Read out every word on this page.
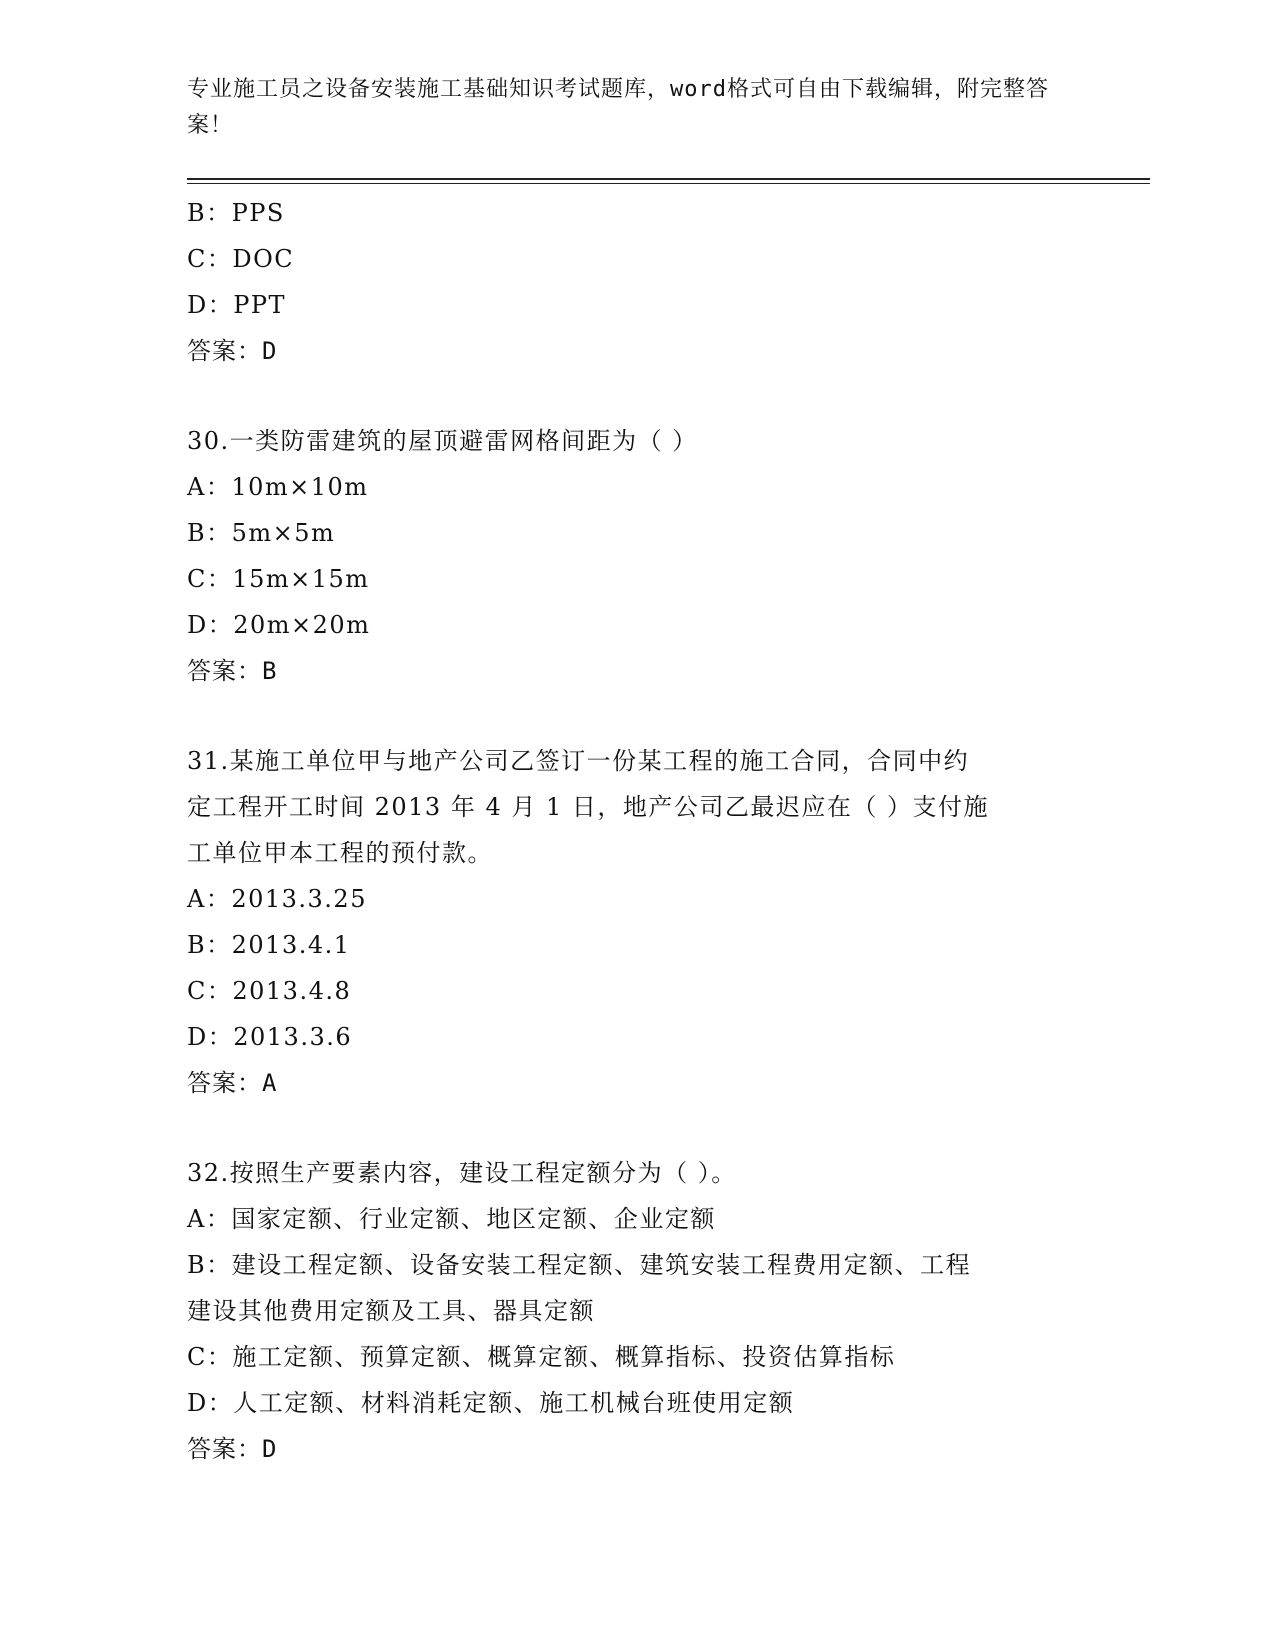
专业施工员之设备安装施工基础知识考试题库，word格式可自由下载编辑，附完整答案！
B：PPS
C：DOC
D：PPT
答案：D
30.一类防雷建筑的屋顶避雷网格间距为（ ）
A：10m×10m
B：5m×5m
C：15m×15m
D：20m×20m
答案：B
31.某施工单位甲与地产公司乙签订一份某工程的施工合同，合同中约
定工程开工时间 2013 年 4 月 1 日，地产公司乙最迟应在（ ）支付施
工单位甲本工程的预付款。
A：2013.3.25
B：2013.4.1
C：2013.4.8
D：2013.3.6
答案：A
32.按照生产要素内容，建设工程定额分为（ ）。
A：国家定额、行业定额、地区定额、企业定额
B：建设工程定额、设备安装工程定额、建筑安装工程费用定额、工程
建设其他费用定额及工具、器具定额
C：施工定额、预算定额、概算定额、概算指标、投资估算指标
D：人工定额、材料消耗定额、施工机械台班使用定额
答案：D
